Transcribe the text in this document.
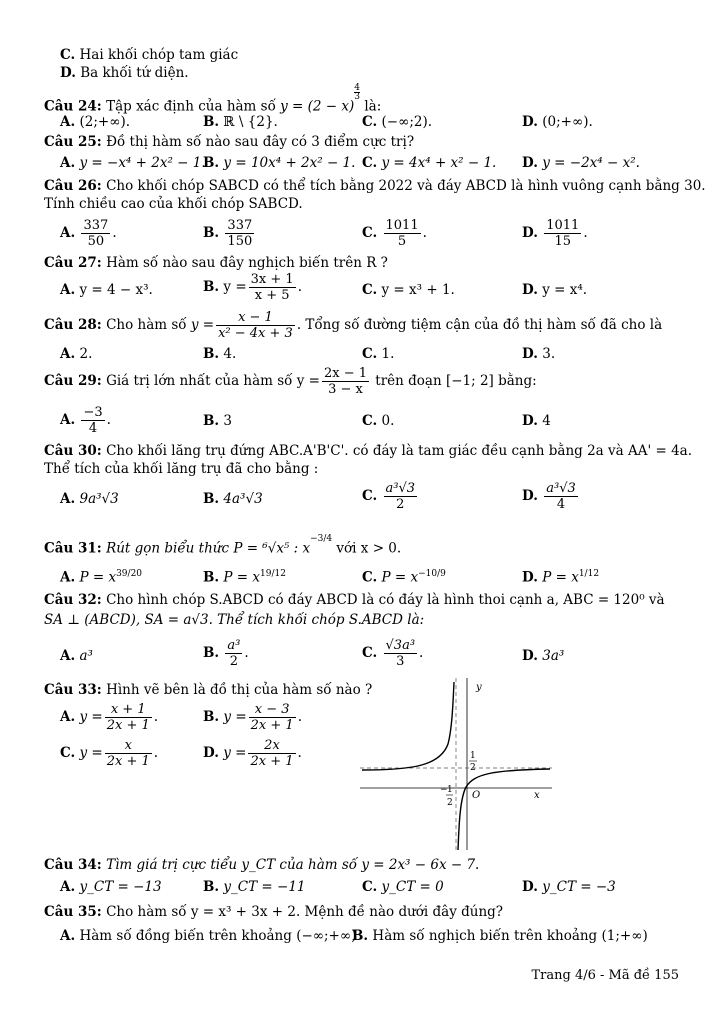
C. Hai khối chóp tam giác
D. Ba khối tứ diện.
Câu 24: Tập xác định của hàm số y = (2 − x)
$^{\frac{4}{3}}$
là:
A. (2;+∞).	B. ℝ \ {2}.	C. (−∞;2).	D. (0;+∞).
Câu 25: Đồ thị hàm số nào sau đây có 3 điểm cực trị?
A. y = −x⁴ + 2x² − 1.
B. y = 10x⁴ + 2x² − 1. C. y = 4x⁴ + x² − 1. D. y = −2x⁴ − x².
Câu 26: Cho khối chóp SABCD có thể tích bằng 2022 và đáy ABCD là hình vuông cạnh bằng 30.
Tính chiều cao của khối chóp SABCD.
A. $\frac{337}{50}$ .	B. $\frac{337}{150}$	C. $\frac{1011}{5}$ .	D. $\frac{1011}{15}$ .
Câu 27: Hàm số nào sau đây nghịch biến trên R ?
A. y = 4 − x³.	B. $y = \frac{3x + 1}{x + 5}$ .	C. y = x³ + 1.	D. y = x⁴.
Câu 28: Cho hàm số $y = \frac{x - 1}{\text{x² − 4x + 3}}$ . Tổng số đường tiệm cận của đồ thị hàm số đã cho là
A. 2.	B. 4.	C. 1.	D. 3.
Câu 29: Giá trị lớn nhất của hàm số $y = \frac{2x - 1}{3 - x}$ trên đoạn [−1; 2] bằng:
A. $\frac{-3}{4}$ .	B. 3	C. 0.	D. 4
Câu 30: Cho khối lăng trụ đứng ABC.A'B'C'. có đáy là tam giác đều cạnh bằng 2a và AA' = 4a.
Thể tích của khối lăng trụ đã cho bằng :
A. 9a³√3	B. 4a³√3	C. $\frac{\text{a³√3}}{2}$	D. $\frac{\text{a³√3}}{4}$
Câu 31: Rút gọn biểu thức P = ⁶√x⁵ : $x^{-3/4}$ với x > 0.
A. $P = x^{39/20}$	B. $P = x^{19/12}$	C. $P = x^{-10/9}$	D. $P = x^{1/12}$
Câu 32: Cho hình chóp S.ABCD có đáy ABCD là có đáy là hình thoi cạnh a, ABC = 120⁰ và
SA ⊥ (ABCD), SA = a√3. Thể tích khối chóp S.ABCD là:
A. a³	B. $\frac{\text{a³}}{2}$ .	C. $\frac{\text{√3a³}}{3}$ .	D. 3a³
Câu 33: Hình vẽ bên là đồ thị của hàm số nào ?
A. $y = \frac{x + 1}{2x + 1}$ .	B. $y = \frac{x - 3}{2x + 1}$ .
C. $y = \frac{x}{2x + 1}$ .	D. $y = \frac{2x}{2x + 1}$ .
y
x
O
1
2
− 1
2
Câu 34: Tìm giá trị cực tiểu y_CT của hàm số y = 2x³ − 6x − 7.
A. y_CT = −13	B. y_CT = −11	C. y_CT = 0	D. y_CT = −3
Câu 35: Cho hàm số y = x³ + 3x + 2. Mệnh đề nào dưới đây đúng?
A. Hàm số đồng biến trên khoảng (−∞;+∞)
B. Hàm số nghịch biến trên khoảng (1;+∞)
Trang 4/6 - Mã đề 155
